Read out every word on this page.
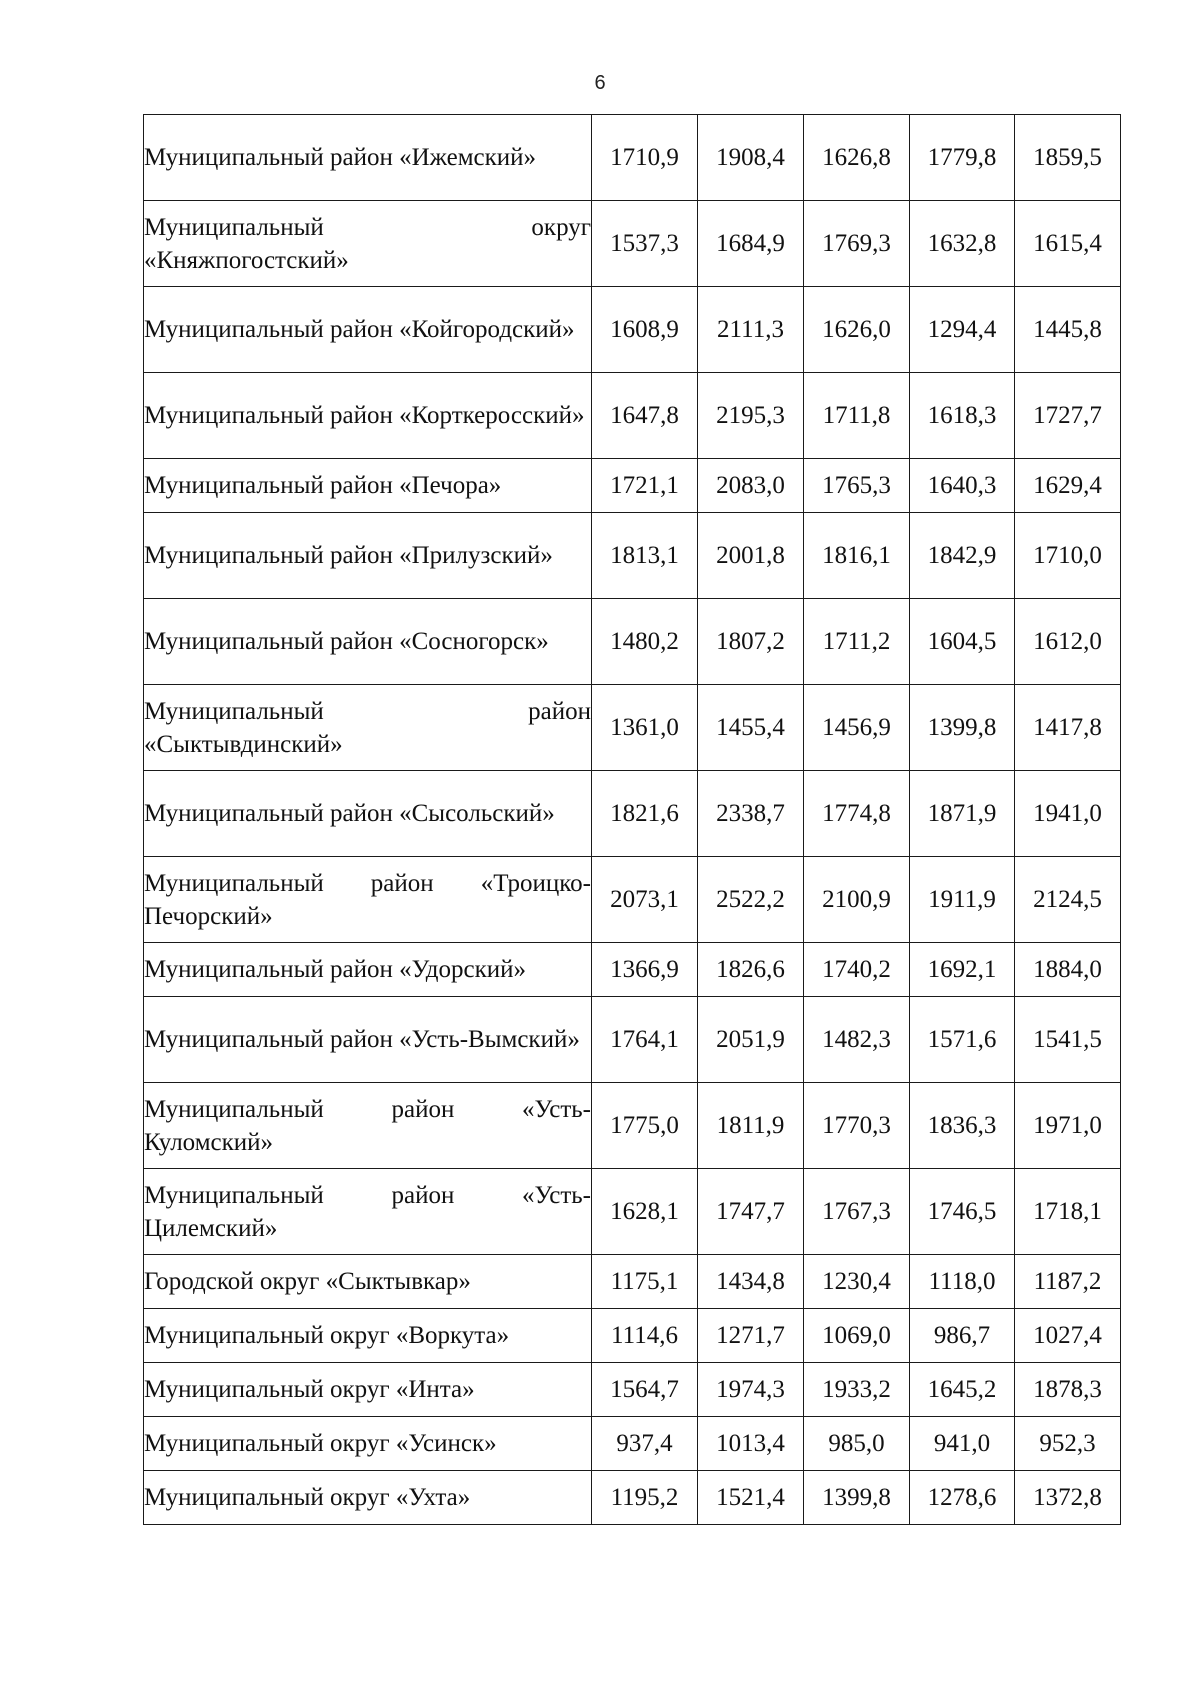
6
Муниципальный район «Ижемский»	1710,9	1908,4	1626,8	1779,8	1859,5
Муниципальный округ «Княжпогостский»	1537,3	1684,9	1769,3	1632,8	1615,4
Муниципальный район «Койгородский»	1608,9	2111,3	1626,0	1294,4	1445,8
Муниципальный район «Корткеросский»	1647,8	2195,3	1711,8	1618,3	1727,7
Муниципальный район «Печора»	1721,1	2083,0	1765,3	1640,3	1629,4
Муниципальный район «Прилузский»	1813,1	2001,8	1816,1	1842,9	1710,0
Муниципальный район «Сосногорск»	1480,2	1807,2	1711,2	1604,5	1612,0
Муниципальный район «Сыктывдинский»	1361,0	1455,4	1456,9	1399,8	1417,8
Муниципальный район «Сысольский»	1821,6	2338,7	1774,8	1871,9	1941,0
Муниципальный район «Троицко-Печорский»	2073,1	2522,2	2100,9	1911,9	2124,5
Муниципальный район «Удорский»	1366,9	1826,6	1740,2	1692,1	1884,0
Муниципальный район «Усть-Вымский»	1764,1	2051,9	1482,3	1571,6	1541,5
Муниципальный район «Усть-Куломский»	1775,0	1811,9	1770,3	1836,3	1971,0
Муниципальный район «Усть-Цилемский»	1628,1	1747,7	1767,3	1746,5	1718,1
Городской округ «Сыктывкар»	1175,1	1434,8	1230,4	1118,0	1187,2
Муниципальный округ «Воркута»	1114,6	1271,7	1069,0	986,7	1027,4
Муниципальный округ «Инта»	1564,7	1974,3	1933,2	1645,2	1878,3
Муниципальный округ «Усинск»	937,4	1013,4	985,0	941,0	952,3
Муниципальный округ «Ухта»	1195,2	1521,4	1399,8	1278,6	1372,8
